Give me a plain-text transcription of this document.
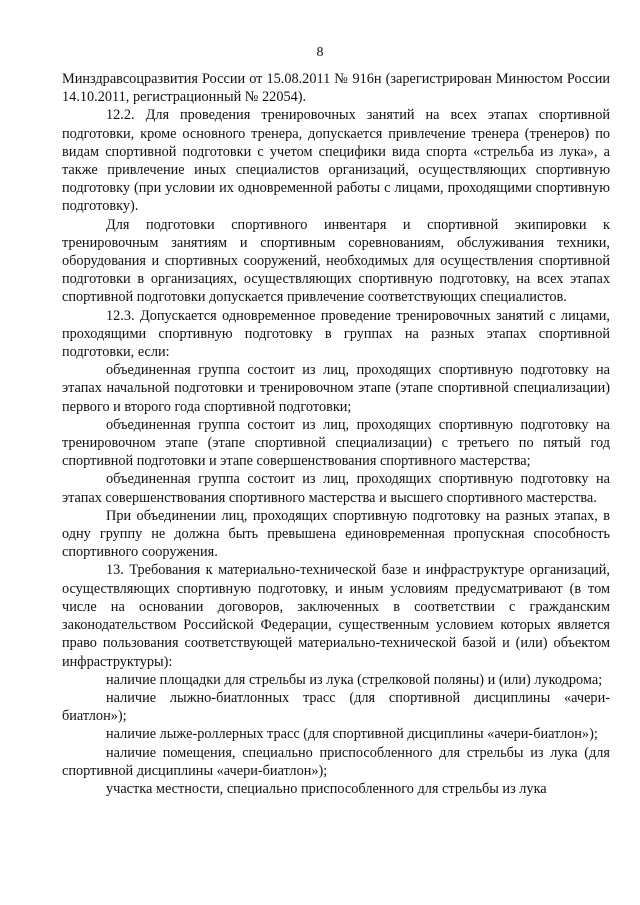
8

Минздравсоцразвития России от 15.08.2011 № 916н (зарегистрирован Минюстом России 14.10.2011, регистрационный № 22054).

12.2. Для проведения тренировочных занятий на всех этапах спортивной подготовки, кроме основного тренера, допускается привлечение тренера (тренеров) по видам спортивной подготовки с учетом специфики вида спорта «стрельба из лука», а также привлечение иных специалистов организаций, осуществляющих спортивную подготовку (при условии их одновременной работы с лицами, проходящими спортивную подготовку).

Для подготовки спортивного инвентаря и спортивной экипировки к тренировочным занятиям и спортивным соревнованиям, обслуживания техники, оборудования и спортивных сооружений, необходимых для осуществления спортивной подготовки в организациях, осуществляющих спортивную подготовку, на всех этапах спортивной подготовки допускается привлечение соответствующих специалистов.

12.3. Допускается одновременное проведение тренировочных занятий с лицами, проходящими спортивную подготовку в группах на разных этапах спортивной подготовки, если:

объединенная группа состоит из лиц, проходящих спортивную подготовку на этапах начальной подготовки и тренировочном этапе (этапе спортивной специализации) первого и второго года спортивной подготовки;

объединенная группа состоит из лиц, проходящих спортивную подготовку на тренировочном этапе (этапе спортивной специализации) с третьего по пятый год спортивной подготовки и этапе совершенствования спортивного мастерства;

объединенная группа состоит из лиц, проходящих спортивную подготовку на этапах совершенствования спортивного мастерства и высшего спортивного мастерства.

При объединении лиц, проходящих спортивную подготовку на разных этапах, в одну группу не должна быть превышена единовременная пропускная способность спортивного сооружения.

13. Требования к материально-технической базе и инфраструктуре организаций, осуществляющих спортивную подготовку, и иным условиям предусматривают (в том числе на основании договоров, заключенных в соответствии с гражданским законодательством Российской Федерации, существенным условием которых является право пользования соответствующей материально-технической базой и (или) объектом инфраструктуры):

наличие площадки для стрельбы из лука (стрелковой поляны) и (или) лукодрома;

наличие лыжно-биатлонных трасс (для спортивной дисциплины «ачери-биатлон»);

наличие лыже-роллерных трасс (для спортивной дисциплины «ачери-биатлон»);

наличие помещения, специально приспособленного для стрельбы из лука (для спортивной дисциплины «ачери-биатлон»);

участка местности, специально приспособленного для стрельбы из лука
